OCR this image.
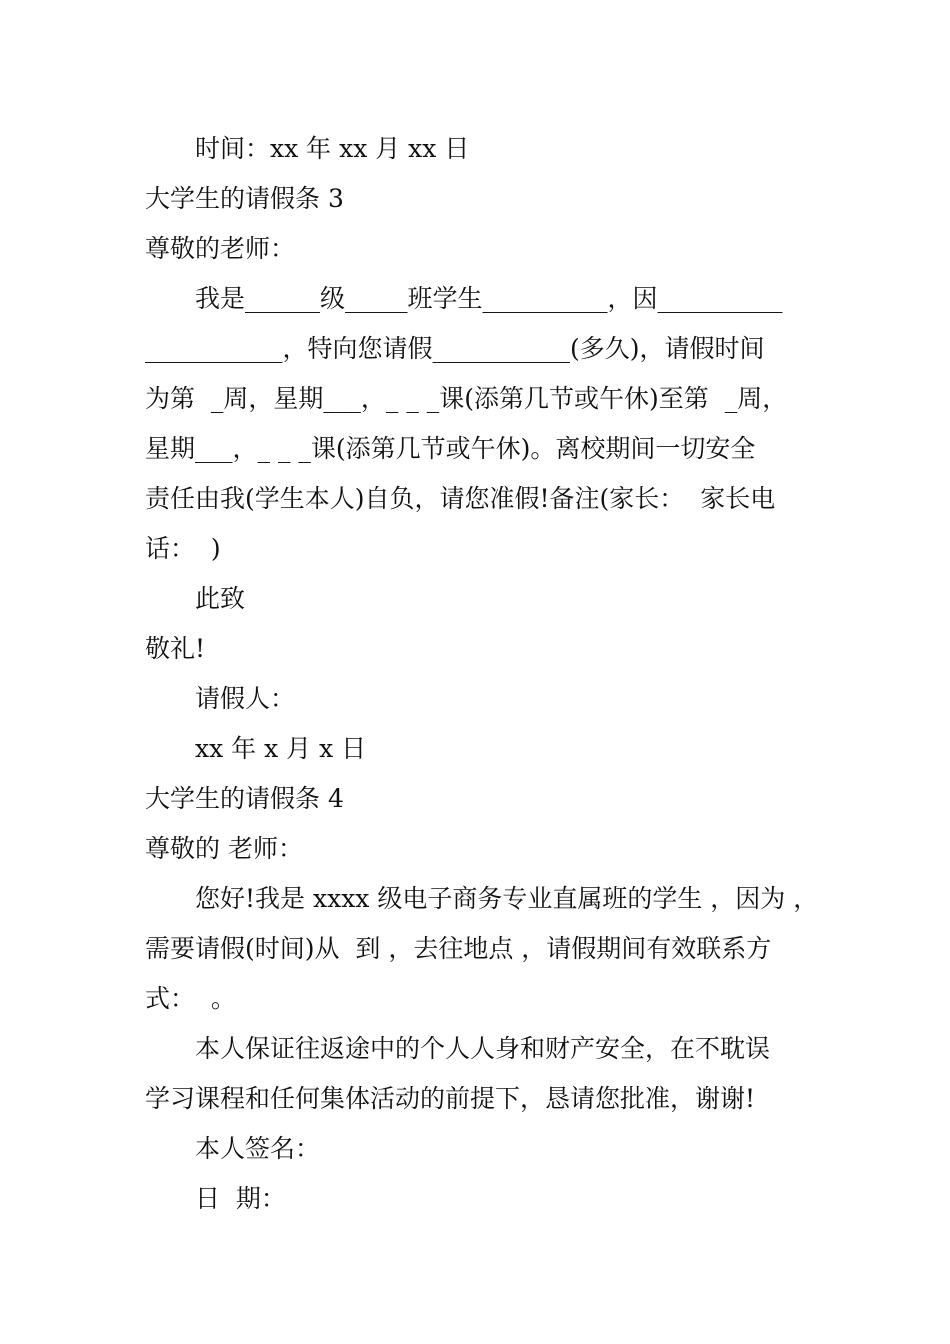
时间：xx 年 xx 月 xx 日
大学生的请假条 3
尊敬的老师：
我是______级_____班学生__________，因__________
___________，特向您请假___________(多久)，请假时间
为第  _周，星期___，_ _ _课(添第几节或午休)至第  _周，
星期___，_ _ _课(添第几节或午休)。离校期间一切安全
责任由我(学生本人)自负，请您准假!备注(家长：  家长电
话：  )
此致
敬礼!
请假人：
xx 年 x 月 x 日
大学生的请假条 4
尊敬的 老师：
您好!我是 xxxx 级电子商务专业直属班的学生 ，因为 ，
需要请假(时间)从  到 ，去往地点 ，请假期间有效联系方
式：  。
本人保证往返途中的个人人身和财产安全，在不耽误
学习课程和任何集体活动的前提下，恳请您批准，谢谢!
本人签名：
日  期：
